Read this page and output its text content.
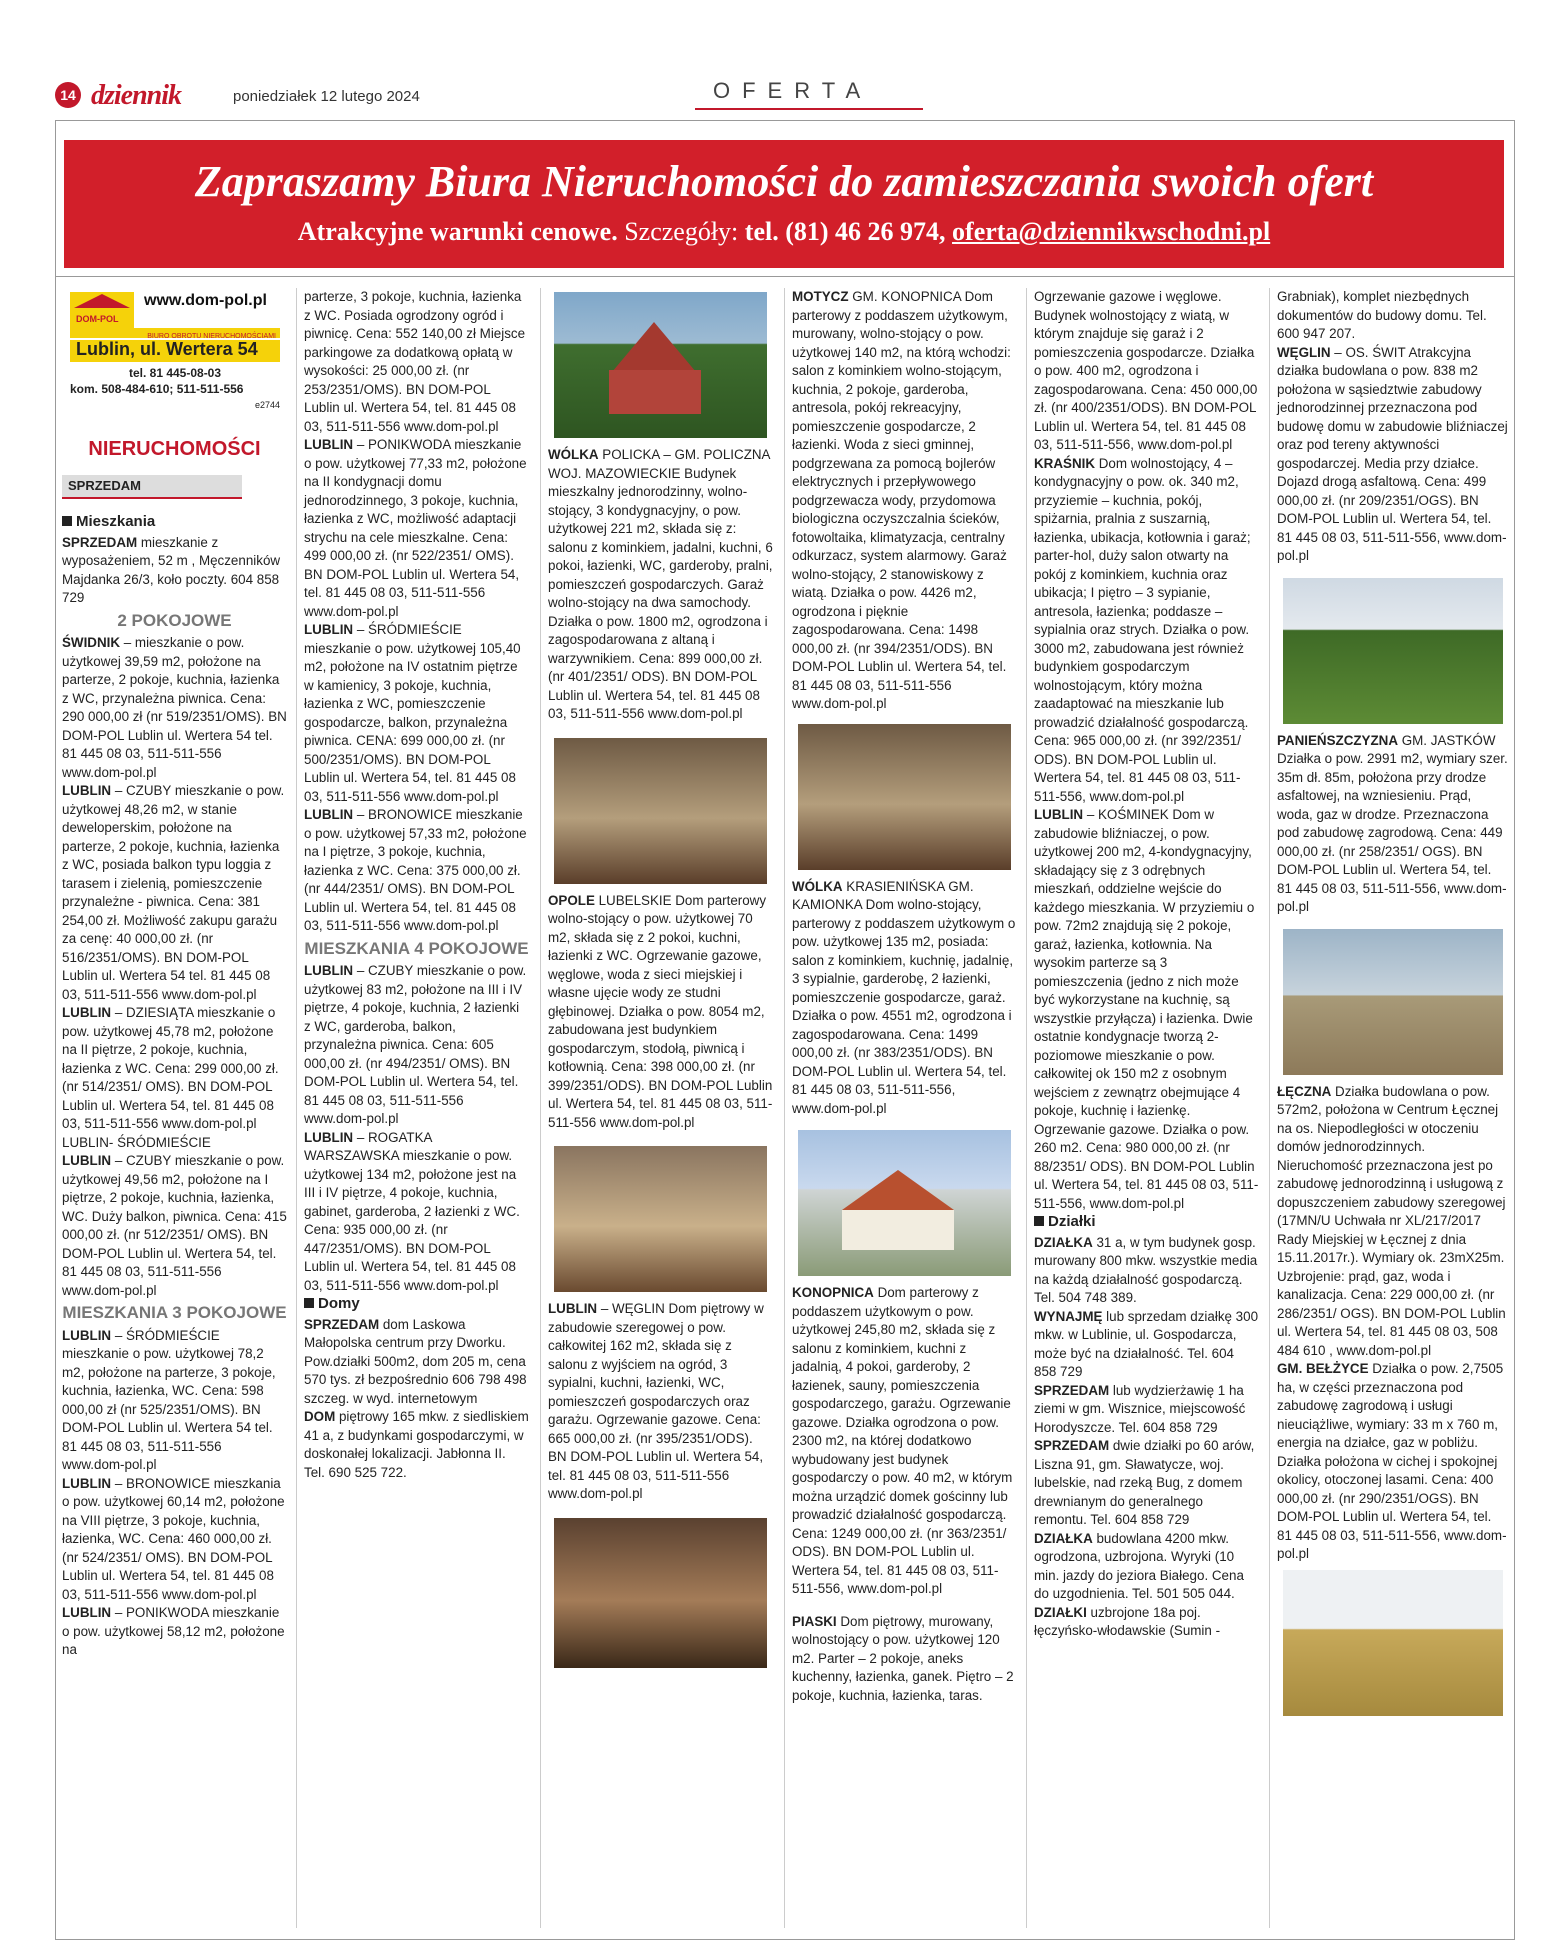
14 dziennik	poniedziałek 12 lutego 2024	OFERTA
Zapraszamy Biura Nieruchomości do zamieszczania swoich ofert

Atrakcyjne warunki cenowe. Szczegóły: tel. (81) 46 26 974, oferta@dziennikwschodni.pl

DOM-POL
www.dom-pol.pl
BIURO OBROTU NIERUCHOMOŚCIAMI
Lublin, ul. Wertera 54
tel. 81 445-08-03
kom. 508-484-610; 511-511-556
e2744
NIERUCHOMOŚCI
SPRZEDAM
Mieszkania

SPRZEDAM mieszkanie z wyposażeniem, 52 m , Męczenników Majdanka 26/3, koło poczty. 604 858 729

2 POKOJOWE

ŚWIDNIK – mieszkanie o pow. użytkowej 39,59 m2, położone na parterze, 2 pokoje, kuchnia, łazienka z WC, przynależna piwnica. Cena: 290 000,00 zł (nr 519/2351/OMS). BN DOM-POL Lublin ul. Wertera 54 tel. 81 445 08 03, 511-511-556 www.dom-pol.pl

LUBLIN – CZUBY mieszkanie o pow. użytkowej 48,26 m2, w stanie deweloperskim, położone na parterze, 2 pokoje, kuchnia, łazienka z WC, posiada balkon typu loggia z tarasem i zielenią, pomieszczenie przynależne - piwnica. Cena: 381 254,00 zł. Możliwość zakupu garażu za cenę: 40 000,00 zł. (nr 516/2351/OMS). BN DOM-POL Lublin ul. Wertera 54 tel. 81 445 08 03, 511-511-556 www.dom-pol.pl

LUBLIN – DZIESIĄTA mieszkanie o pow. użytkowej 45,78 m2, położone na II piętrze, 2 pokoje, kuchnia, łazienka z WC. Cena: 299 000,00 zł. (nr 514/2351/ OMS). BN DOM-POL Lublin ul. Wertera 54, tel. 81 445 08 03, 511-511-556 www.dom-pol.pl LUBLIN- ŚRÓDMIEŚCIE

LUBLIN – CZUBY mieszkanie o pow. użytkowej 49,56 m2, położone na I piętrze, 2 pokoje, kuchnia, łazienka, WC. Duży balkon, piwnica. Cena: 415 000,00 zł. (nr 512/2351/ OMS). BN DOM-POL Lublin ul. Wertera 54, tel. 81 445 08 03, 511-511-556 www.dom-pol.pl

MIESZKANIA 3 POKOJOWE

LUBLIN – ŚRÓDMIEŚCIE mieszkanie o pow. użytkowej 78,2 m2, położone na parterze, 3 pokoje, kuchnia, łazienka, WC. Cena: 598 000,00 zł (nr 525/2351/OMS). BN DOM-POL Lublin ul. Wertera 54 tel. 81 445 08 03, 511-511-556 www.dom-pol.pl

LUBLIN – BRONOWICE mieszkania o pow. użytkowej 60,14 m2, położone na VIII piętrze, 3 pokoje, kuchnia, łazienka, WC. Cena: 460 000,00 zł. (nr 524/2351/ OMS). BN DOM-POL Lublin ul. Wertera 54, tel. 81 445 08 03, 511-511-556 www.dom-pol.pl

LUBLIN – PONIKWODA mieszkanie o pow. użytkowej 58,12 m2, położone na

parterze, 3 pokoje, kuchnia, łazienka z WC. Posiada ogrodzony ogród i piwnicę. Cena: 552 140,00 zł Miejsce parkingowe za dodatkową opłatą w wysokości: 25 000,00 zł. (nr 253/2351/OMS). BN DOM-POL Lublin ul. Wertera 54, tel. 81 445 08 03, 511-511-556 www.dom-pol.pl

LUBLIN – PONIKWODA mieszkanie o pow. użytkowej 77,33 m2, położone na II kondygnacji domu jednorodzinnego, 3 pokoje, kuchnia, łazienka z WC, możliwość adaptacji strychu na cele mieszkalne. Cena: 499 000,00 zł. (nr 522/2351/ OMS). BN DOM-POL Lublin ul. Wertera 54, tel. 81 445 08 03, 511-511-556 www.dom-pol.pl

LUBLIN – ŚRÓDMIEŚCIE mieszkanie o pow. użytkowej 105,40 m2, położone na IV ostatnim piętrze w kamienicy, 3 pokoje, kuchnia, łazienka z WC, pomieszczenie gospodarcze, balkon, przynależna piwnica. CENA: 699 000,00 zł. (nr 500/2351/OMS). BN DOM-POL Lublin ul. Wertera 54, tel. 81 445 08 03, 511-511-556 www.dom-pol.pl

LUBLIN – BRONOWICE mieszkanie o pow. użytkowej 57,33 m2, położone na I piętrze, 3 pokoje, kuchnia, łazienka z WC. Cena: 375 000,00 zł. (nr 444/2351/ OMS). BN DOM-POL Lublin ul. Wertera 54, tel. 81 445 08 03, 511-511-556 www.dom-pol.pl

MIESZKANIA 4 POKOJOWE

LUBLIN – CZUBY mieszkanie o pow. użytkowej 83 m2, położone na III i IV piętrze, 4 pokoje, kuchnia, 2 łazienki z WC, garderoba, balkon, przynależna piwnica. Cena: 605 000,00 zł. (nr 494/2351/ OMS). BN DOM-POL Lublin ul. Wertera 54, tel. 81 445 08 03, 511-511-556 www.dom-pol.pl

LUBLIN – ROGATKA WARSZAWSKA mieszkanie o pow. użytkowej 134 m2, położone jest na III i IV piętrze, 4 pokoje, kuchnia, gabinet, garderoba, 2 łazienki z WC. Cena: 935 000,00 zł. (nr 447/2351/OMS). BN DOM-POL Lublin ul. Wertera 54, tel. 81 445 08 03, 511-511-556 www.dom-pol.pl

Domy

SPRZEDAM dom Laskowa Małopolska centrum przy Dworku. Pow.działki 500m2, dom 205 m, cena 570 tys. zł bezpośrednio 606 798 498 szczeg. w wyd. internetowym

DOM piętrowy 165 mkw. z siedliskiem 41 a, z budynkami gospodarczymi, w doskonałej lokalizacji. Jabłonna II. Tel. 690 525 722.

WÓLKA POLICKA – GM. POLICZNA WOJ. MAZOWIECKIE Budynek mieszkalny jednorodzinny, wolno-stojący, 3 kondygnacyjny, o pow. użytkowej 221 m2, składa się z: salonu z kominkiem, jadalni, kuchni, 6 pokoi, łazienki, WC, garderoby, pralni, pomieszczeń gospodarczych. Garaż wolno-stojący na dwa samochody. Działka o pow. 1800 m2, ogrodzona i zagospodarowana z altaną i warzywnikiem. Cena: 899 000,00 zł. (nr 401/2351/ ODS). BN DOM-POL Lublin ul. Wertera 54, tel. 81 445 08 03, 511-511-556 www.dom-pol.pl

OPOLE LUBELSKIE Dom parterowy wolno-stojący o pow. użytkowej 70 m2, składa się z 2 pokoi, kuchni, łazienki z WC. Ogrzewanie gazowe, węglowe, woda z sieci miejskiej i własne ujęcie wody ze studni głębinowej. Działka o pow. 8054 m2, zabudowana jest budynkiem gospodarczym, stodołą, piwnicą i kotłownią. Cena: 398 000,00 zł. (nr 399/2351/ODS). BN DOM-POL Lublin ul. Wertera 54, tel. 81 445 08 03, 511-511-556 www.dom-pol.pl

LUBLIN – WĘGLIN Dom piętrowy w zabudowie szeregowej o pow. całkowitej 162 m2, składa się z salonu z wyjściem na ogród, 3 sypialni, kuchni, łazienki, WC, pomieszczeń gospodarczych oraz garażu. Ogrzewanie gazowe. Cena: 665 000,00 zł. (nr 395/2351/ODS). BN DOM-POL Lublin ul. Wertera 54, tel. 81 445 08 03, 511-511-556 www.dom-pol.pl

MOTYCZ GM. KONOPNICA Dom parterowy z poddaszem użytkowym, murowany, wolno-stojący o pow. użytkowej 140 m2, na którą wchodzi: salon z kominkiem wolno-stojącym, kuchnia, 2 pokoje, garderoba, antresola, pokój rekreacyjny, pomieszczenie gospodarcze, 2 łazienki. Woda z sieci gminnej, podgrzewana za pomocą bojlerów elektrycznych i przepływowego podgrzewacza wody, przydomowa biologiczna oczyszczalnia ścieków, fotowoltaika, klimatyzacja, centralny odkurzacz, system alarmowy. Garaż wolno-stojący, 2 stanowiskowy z wiatą. Działka o pow. 4426 m2, ogrodzona i pięknie zagospodarowana. Cena: 1498 000,00 zł. (nr 394/2351/ODS). BN DOM-POL Lublin ul. Wertera 54, tel. 81 445 08 03, 511-511-556 www.dom-pol.pl

WÓLKA KRASIENIŃSKA GM. KAMIONKA Dom wolno-stojący, parterowy z poddaszem użytkowym o pow. użytkowej 135 m2, posiada: salon z kominkiem, kuchnię, jadalnię, 3 sypialnie, garderobę, 2 łazienki, pomieszczenie gospodarcze, garaż. Działka o pow. 4551 m2, ogrodzona i zagospodarowana. Cena: 1499 000,00 zł. (nr 383/2351/ODS). BN DOM-POL Lublin ul. Wertera 54, tel. 81 445 08 03, 511-511-556, www.dom-pol.pl

KONOPNICA Dom parterowy z poddaszem użytkowym o pow. użytkowej 245,80 m2, składa się z salonu z kominkiem, kuchni z jadalnią, 4 pokoi, garderoby, 2 łazienek, sauny, pomieszczenia gospodarczego, garażu. Ogrzewanie gazowe. Działka ogrodzona o pow. 2300 m2, na której dodatkowo wybudowany jest budynek gospodarczy o pow. 40 m2, w którym można urządzić domek gościnny lub prowadzić działalność gospodarczą. Cena: 1249 000,00 zł. (nr 363/2351/ ODS). BN DOM-POL Lublin ul. Wertera 54, tel. 81 445 08 03, 511-511-556, www.dom-pol.pl

PIASKI Dom piętrowy, murowany, wolnostojący o pow. użytkowej 120 m2. Parter – 2 pokoje, aneks kuchenny, łazienka, ganek. Piętro – 2 pokoje, kuchnia, łazienka, taras.

Ogrzewanie gazowe i węglowe. Budynek wolnostojący z wiatą, w którym znajduje się garaż i 2 pomieszczenia gospodarcze. Działka o pow. 400 m2, ogrodzona i zagospodarowana. Cena: 450 000,00 zł. (nr 400/2351/ODS). BN DOM-POL Lublin ul. Wertera 54, tel. 81 445 08 03, 511-511-556, www.dom-pol.pl

KRAŚNIK Dom wolnostojący, 4 – kondygnacyjny o pow. ok. 340 m2, przyziemie – kuchnia, pokój, spiżarnia, pralnia z suszarnią, łazienka, ubikacja, kotłownia i garaż; parter-hol, duży salon otwarty na pokój z kominkiem, kuchnia oraz ubikacja; I piętro – 3 sypianie, antresola, łazienka; poddasze – sypialnia oraz strych. Działka o pow. 3000 m2, zabudowana jest również budynkiem gospodarczym wolnostojącym, który można zaadaptować na mieszkanie lub prowadzić działalność gospodarczą. Cena: 965 000,00 zł. (nr 392/2351/ ODS). BN DOM-POL Lublin ul. Wertera 54, tel. 81 445 08 03, 511-511-556, www.dom-pol.pl

LUBLIN – KOŚMINEK Dom w zabudowie bliźniaczej, o pow. użytkowej 200 m2, 4-kondygnacyjny, składający się z 3 odrębnych mieszkań, oddzielne wejście do każdego mieszkania. W przyziemiu o pow. 72m2 znajdują się 2 pokoje, garaż, łazienka, kotłownia. Na wysokim parterze są 3 pomieszczenia (jedno z nich może być wykorzystane na kuchnię, są wszystkie przyłącza) i łazienka. Dwie ostatnie kondygnacje tworzą 2-poziomowe mieszkanie o pow. całkowitej ok 150 m2 z osobnym wejściem z zewnątrz obejmujące 4 pokoje, kuchnię i łazienkę. Ogrzewanie gazowe. Działka o pow. 260 m2. Cena: 980 000,00 zł. (nr 88/2351/ ODS). BN DOM-POL Lublin ul. Wertera 54, tel. 81 445 08 03, 511-511-556, www.dom-pol.pl

Działki

DZIAŁKA 31 a, w tym budynek gosp. murowany 800 mkw. wszystkie media na każdą działalność gospodarczą. Tel. 504 748 389.

WYNAJMĘ lub sprzedam działkę 300 mkw. w Lublinie, ul. Gospodarcza, może być na działalność. Tel. 604 858 729

SPRZEDAM lub wydzierżawię 1 ha ziemi w gm. Wisznice, miejscowość Horodyszcze. Tel. 604 858 729

SPRZEDAM dwie działki po 60 arów, Liszna 91, gm. Sławatycze, woj. lubelskie, nad rzeką Bug, z domem drewnianym do generalnego remontu. Tel. 604 858 729

DZIAŁKA budowlana 4200 mkw. ogrodzona, uzbrojona. Wyryki (10 min. jazdy do jeziora Białego. Cena do uzgodnienia. Tel. 501 505 044.

DZIAŁKI uzbrojone 18a poj. łęczyńsko-włodawskie (Sumin -

Grabniak), komplet niezbędnych dokumentów do budowy domu. Tel. 600 947 207.

WĘGLIN – OS. ŚWIT Atrakcyjna działka budowlana o pow. 838 m2 położona w sąsiedztwie zabudowy jednorodzinnej przeznaczona pod budowę domu w zabudowie bliźniaczej oraz pod tereny aktywności gospodarczej. Media przy działce. Dojazd drogą asfaltową. Cena: 499 000,00 zł. (nr 209/2351/OGS). BN DOM-POL Lublin ul. Wertera 54, tel. 81 445 08 03, 511-511-556, www.dom-pol.pl

PANIEŃSZCZYZNA GM. JASTKÓW Działka o pow. 2991 m2, wymiary szer. 35m dł. 85m, położona przy drodze asfaltowej, na wzniesieniu. Prąd, woda, gaz w drodze. Przeznaczona pod zabudowę zagrodową. Cena: 449 000,00 zł. (nr 258/2351/ OGS). BN DOM-POL Lublin ul. Wertera 54, tel. 81 445 08 03, 511-511-556, www.dom-pol.pl

ŁĘCZNA Działka budowlana o pow. 572m2, położona w Centrum Łęcznej na os. Niepodległości w otoczeniu domów jednorodzinnych. Nieruchomość przeznaczona jest po zabudowę jednorodzinną i usługową z dopuszczeniem zabudowy szeregowej (17MN/U Uchwała nr XL/217/2017 Rady Miejskiej w Łęcznej z dnia 15.11.2017r.). Wymiary ok. 23mX25m. Uzbrojenie: prąd, gaz, woda i kanalizacja. Cena: 229 000,00 zł. (nr 286/2351/ OGS). BN DOM-POL Lublin ul. Wertera 54, tel. 81 445 08 03, 508 484 610 , www.dom-pol.pl

GM. BEŁŻYCE Działka o pow. 2,7505 ha, w części przeznaczona pod zabudowę zagrodową i usługi nieuciążliwe, wymiary: 33 m x 760 m, energia na działce, gaz w pobliżu. Działka położona w cichej i spokojnej okolicy, otoczonej lasami. Cena: 400 000,00 zł. (nr 290/2351/OGS). BN DOM-POL Lublin ul. Wertera 54, tel. 81 445 08 03, 511-511-556, www.dom-pol.pl
